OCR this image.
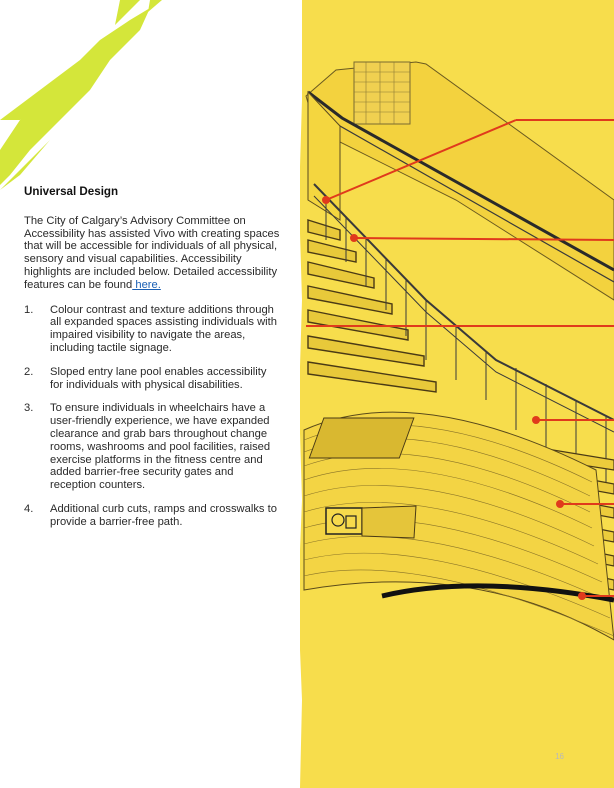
Universal Design

The City of Calgary’s Advisory Committee on Accessibility has assisted Vivo with creating spaces that will be accessible for individuals of all physical, sensory and visual capabilities. Accessibility highlights are included below. Detailed accessibility features can be found here.

1. Colour contrast and texture additions through all expanded spaces assisting individuals with impaired visibility to navigate the areas, including tactile signage.
2. Sloped entry lane pool enables accessibility for individuals with physical disabilities.
3. To ensure individuals in wheelchairs have a user-friendly experience, we have expanded clearance and grab bars throughout change rooms, washrooms and pool facilities, raised exercise platforms in the fitness centre and added barrier-free security gates and reception counters.
4. Additional curb cuts, ramps and crosswalks to provide a barrier-free path.
16
